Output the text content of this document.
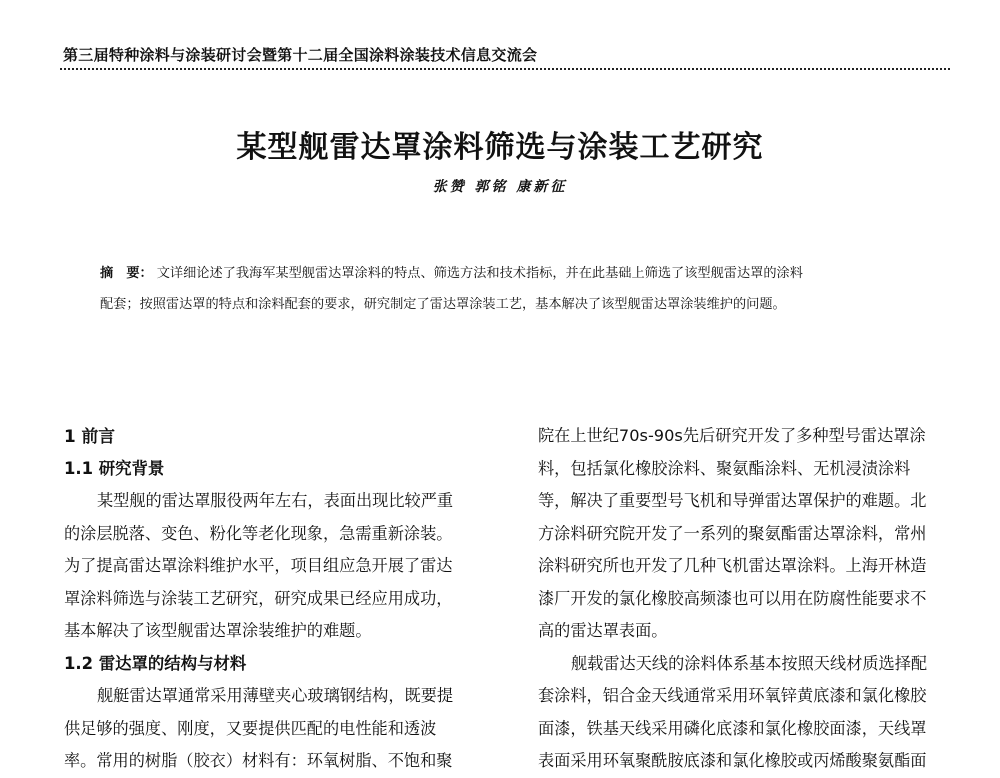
第三届特种涂料与涂装研讨会暨第十二届全国涂料涂装技术信息交流会
某型舰雷达罩涂料筛选与涂装工艺研究
张赞 郭铭 康新征
摘　要： 文详细论述了我海军某型舰雷达罩涂料的特点、筛选方法和技术指标，并在此基础上筛选了该型舰雷达罩的涂料
配套；按照雷达罩的特点和涂料配套的要求，研究制定了雷达罩涂装工艺，基本解决了该型舰雷达罩涂装维护的问题。
1 前言
1.1 研究背景
某型舰的雷达罩服役两年左右，表面出现比较严重
的涂层脱落、变色、粉化等老化现象，急需重新涂装。
为了提高雷达罩涂料维护水平，项目组应急开展了雷达
罩涂料筛选与涂装工艺研究，研究成果已经应用成功，
基本解决了该型舰雷达罩涂装维护的难题。
1.2 雷达罩的结构与材料
舰艇雷达罩通常采用薄壁夹心玻璃钢结构，既要提
供足够的强度、刚度，又要提供匹配的电性能和透波
率。常用的树脂（胶衣）材料有：环氧树脂、不饱和聚
院在上世纪70s-90s先后研究开发了多种型号雷达罩涂
料，包括氯化橡胶涂料、聚氨酯涂料、无机浸渍涂料
等，解决了重要型号飞机和导弹雷达罩保护的难题。北
方涂料研究院开发了一系列的聚氨酯雷达罩涂料，常州
涂料研究所也开发了几种飞机雷达罩涂料。上海开林造
漆厂开发的氯化橡胶高频漆也可以用在防腐性能要求不
高的雷达罩表面。
舰载雷达天线的涂料体系基本按照天线材质选择配
套涂料，铝合金天线通常采用环氧锌黄底漆和氯化橡胶
面漆，铁基天线采用磷化底漆和氯化橡胶面漆，天线罩
表面采用环氧聚酰胺底漆和氯化橡胶或丙烯酸聚氨酯面
